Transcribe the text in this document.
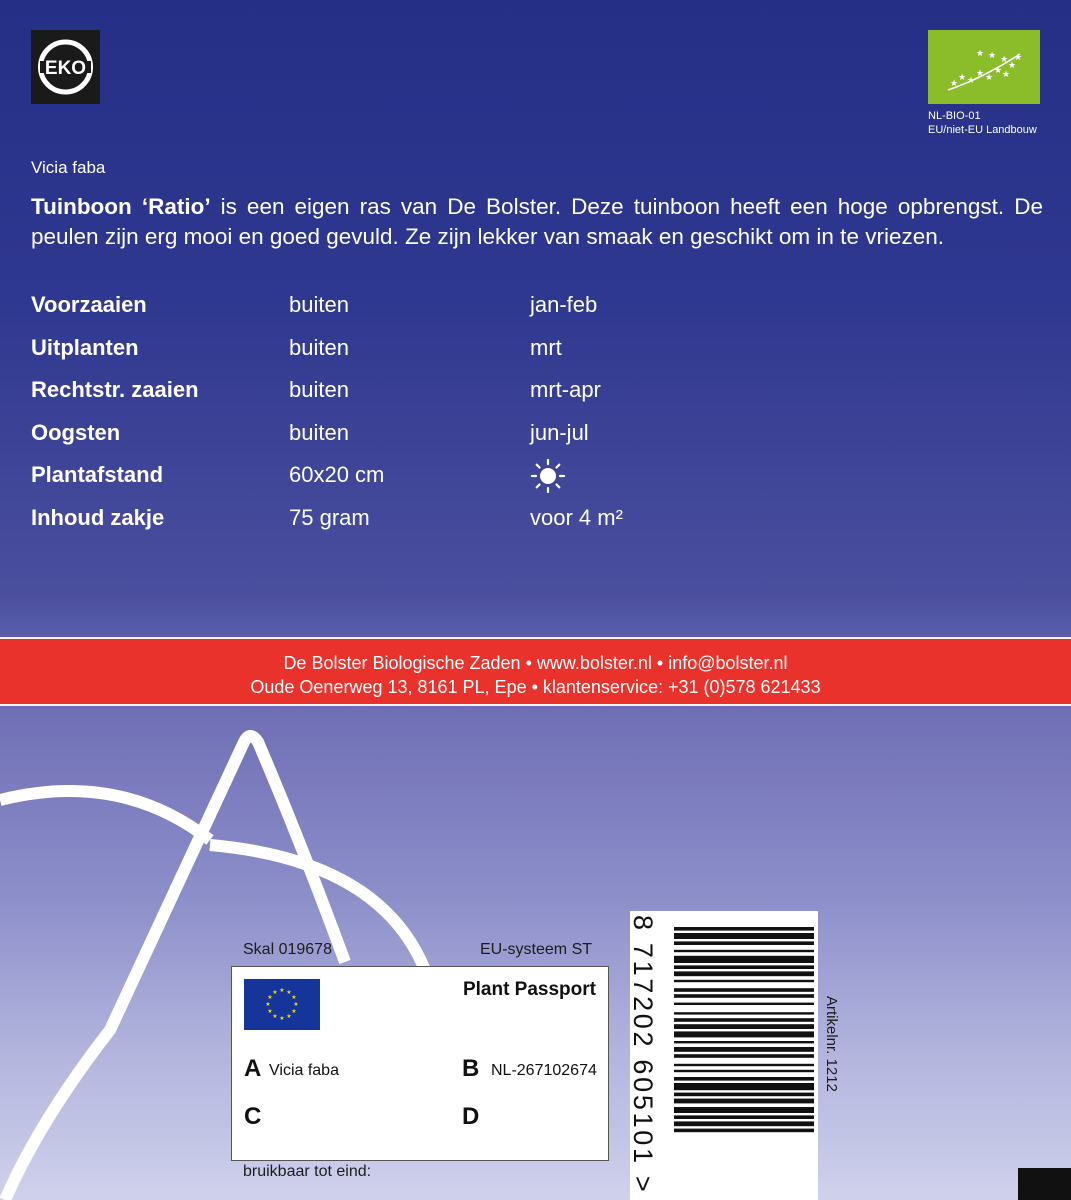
EKO
★
★ ★
★ ★
★ ★
★
★
★
★
★
NL-BIO-01
EU/niet-EU Landbouw
Vicia faba
Tuinboon ‘Ratio’ is een eigen ras van De Bolster. Deze tuinboon heeft een hoge opbrengst. De peulen zijn erg mooi en goed gevuld. Ze zijn lekker van smaak en geschikt om in te vriezen.
Voorzaaien	buiten	jan-feb
Uitplanten	buiten	mrt
Rechtstr. zaaien	buiten	mrt-apr
Oogsten	buiten	jun-jul
Plantafstand	60x20 cm
Inhoud zakje	75 gram	voor 4 m²
De Bolster Biologische Zaden • www.bolster.nl • info@bolster.nl
Oude Oenerweg 13, 8161 PL, Epe • klantenservice: +31 (0)578 621433
Skal 019678	EU-systeem ST
★ ★
★
★
★
★
★
★
★
★
★
★	Plant Passport
A Vicia faba	B NL-267102674
C	D
bruikbaar tot eind:	8 717202 605101 >	Artikelnr. 1212
